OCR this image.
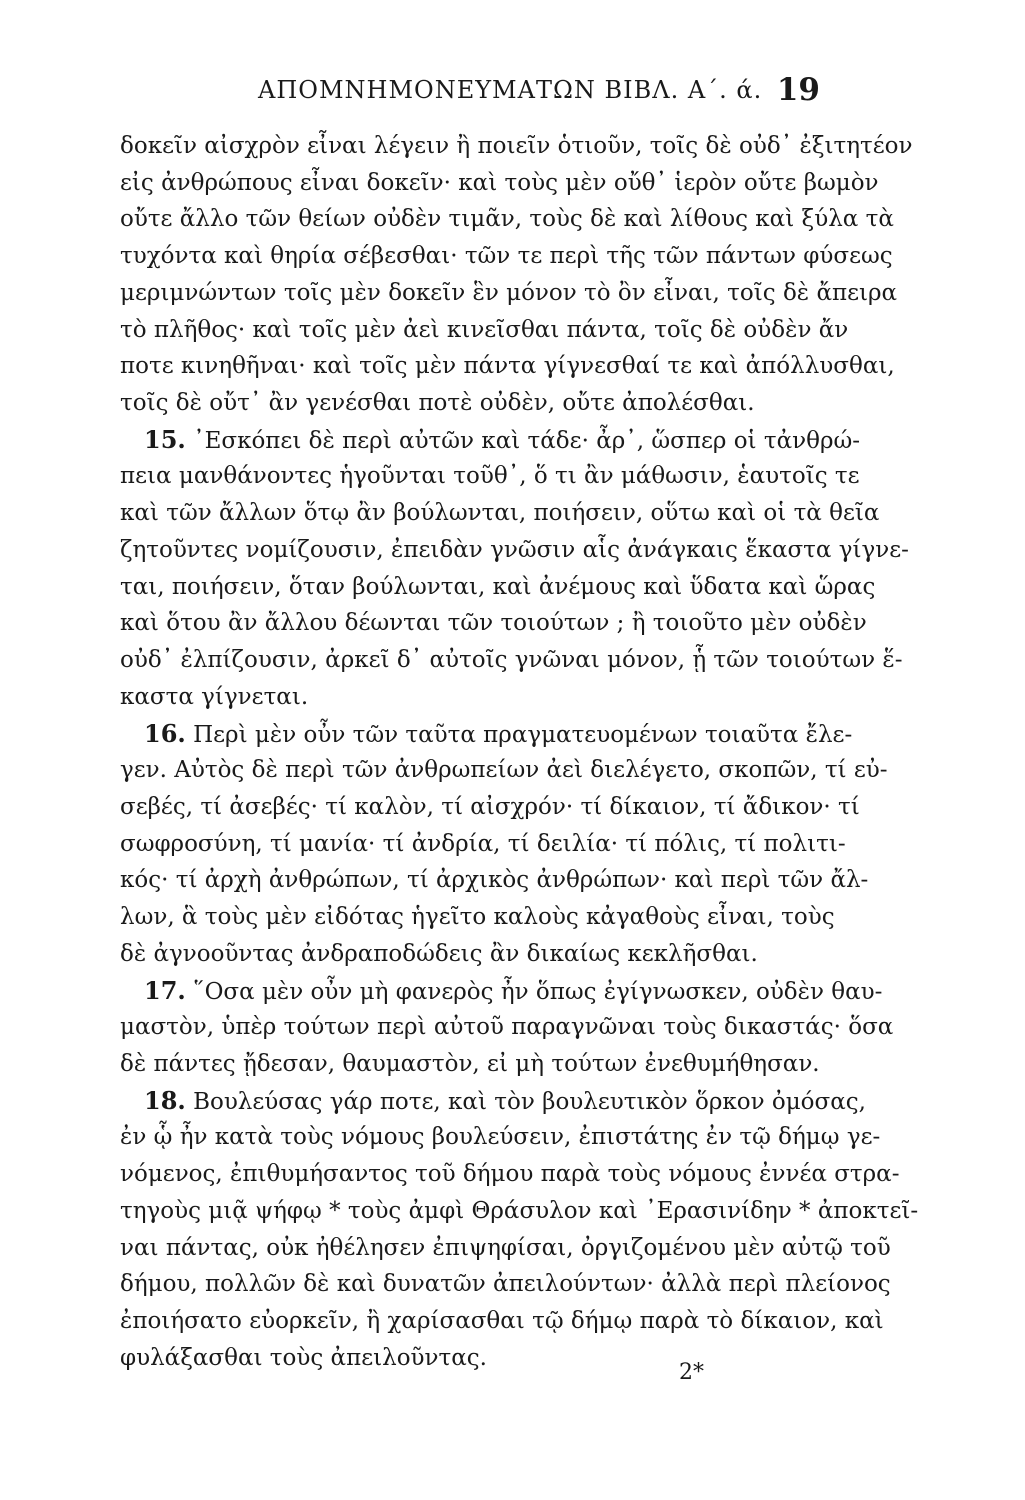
ΑΠΟΜΝΗΜΟΝΕΥΜΑΤΩΝ ΒΙΒΛ. Α΄. ά. 19
δοκεῖν αἰσχρὸν εἶναι λέγειν ἢ ποιεῖν ὁτιοῦν, τοῖς δὲ οὐδ᾽ ἐξιτητέον
εἰς ἀνθρώπους εἶναι δοκεῖν· καὶ τοὺς μὲν οὔθ᾽ ἱερὸν οὔτε βωμὸν
οὔτε ἄλλο τῶν θείων οὐδὲν τιμᾶν, τοὺς δὲ καὶ λίθους καὶ ξύλα τὰ
τυχόντα καὶ θηρία σέβεσθαι· τῶν τε περὶ τῆς τῶν πάντων φύσεως
μεριμνώντων τοῖς μὲν δοκεῖν ἓν μόνον τὸ ὂν εἶναι, τοῖς δὲ ἄπειρα
τὸ πλῆθος· καὶ τοῖς μὲν ἀεὶ κινεῖσθαι πάντα, τοῖς δὲ οὐδὲν ἄν
ποτε κινηθῆναι· καὶ τοῖς μὲν πάντα γίγνεσθαί τε καὶ ἀπόλλυσθαι,
τοῖς δὲ οὔτ᾽ ἂν γενέσθαι ποτὲ οὐδὲν, οὔτε ἀπολέσθαι.
15. ᾿Εσκόπει δὲ περὶ αὐτῶν καὶ τάδε· ἆρ᾽, ὥσπερ οἱ τἀνθρώ-
πεια μανθάνοντες ἡγοῦνται τοῦθ᾽, ὅ τι ἂν μάθωσιν, ἑαυτοῖς τε
καὶ τῶν ἄλλων ὅτῳ ἂν βούλωνται, ποιήσειν, οὕτω καὶ οἱ τὰ θεῖα
ζητοῦντες νομίζουσιν, ἐπειδὰν γνῶσιν αἷς ἀνάγκαις ἕκαστα γίγνε-
ται, ποιήσειν, ὅταν βούλωνται, καὶ ἀνέμους καὶ ὕδατα καὶ ὥρας
καὶ ὅτου ἂν ἄλλου δέωνται τῶν τοιούτων ; ἢ τοιοῦτο μὲν οὐδὲν
οὐδ᾽ ἐλπίζουσιν, ἀρκεῖ δ᾽ αὐτοῖς γνῶναι μόνον, ᾗ τῶν τοιούτων ἕ-
καστα γίγνεται.
16. Περὶ μὲν οὖν τῶν ταῦτα πραγματευομένων τοιαῦτα ἔλε-
γεν. Αὐτὸς δὲ περὶ τῶν ἀνθρωπείων ἀεὶ διελέγετο, σκοπῶν, τί εὐ-
σεβές, τί ἀσεβές· τί καλὸν, τί αἰσχρόν· τί δίκαιον, τί ἄδικον· τί
σωφροσύνη, τί μανία· τί ἀνδρία, τί δειλία· τί πόλις, τί πολιτι-
κός· τί ἀρχὴ ἀνθρώπων, τί ἀρχικὸς ἀνθρώπων· καὶ περὶ τῶν ἄλ-
λων, ἃ τοὺς μὲν εἰδότας ἡγεῖτο καλοὺς κἀγαθοὺς εἶναι, τοὺς
δὲ ἀγνοοῦντας ἀνδραποδώδεις ἂν δικαίως κεκλῆσθαι.
17. ῞Οσα μὲν οὖν μὴ φανερὸς ἦν ὅπως ἐγίγνωσκεν, οὐδὲν θαυ-
μαστὸν, ὑπὲρ τούτων περὶ αὐτοῦ παραγνῶναι τοὺς δικαστάς· ὅσα
δὲ πάντες ᾔδεσαν, θαυμαστὸν, εἰ μὴ τούτων ἐνεθυμήθησαν.
18. Βουλεύσας γάρ ποτε, καὶ τὸν βουλευτικὸν ὅρκον ὀμόσας,
ἐν ᾧ ἦν κατὰ τοὺς νόμους βουλεύσειν, ἐπιστάτης ἐν τῷ δήμῳ γε-
νόμενος, ἐπιθυμήσαντος τοῦ δήμου παρὰ τοὺς νόμους ἐννέα στρα-
τηγοὺς μιᾷ ψήφῳ * τοὺς ἀμφὶ Θράσυλον καὶ ᾿Ερασινίδην * ἀποκτεῖ-
ναι πάντας, οὐκ ἠθέλησεν ἐπιψηφίσαι, ὀργιζομένου μὲν αὐτῷ τοῦ
δήμου, πολλῶν δὲ καὶ δυνατῶν ἀπειλούντων· ἀλλὰ περὶ πλείονος
ἐποιήσατο εὐορκεῖν, ἢ χαρίσασθαι τῷ δήμῳ παρὰ τὸ δίκαιον, καὶ
φυλάξασθαι τοὺς ἀπειλοῦντας.
2*
